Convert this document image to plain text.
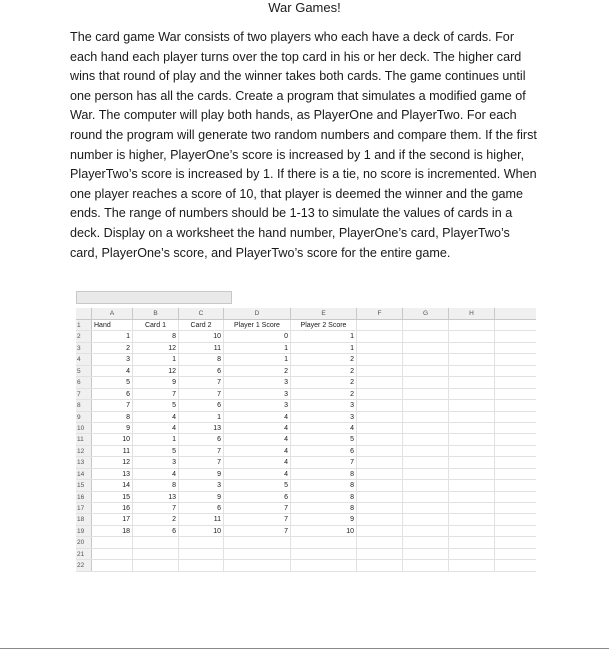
War Games!

The card game War consists of two players who each have a deck of cards. For each hand each player turns over the top card in his or her deck. The higher card wins that round of play and the winner takes both cards. The game continues until one person has all the cards. Create a program that simulates a modified game of War. The computer will play both hands, as PlayerOne and PlayerTwo. For each round the program will generate two random numbers and compare them. If the first number is higher, PlayerOne’s score is increased by 1 and if the second is higher, PlayerTwo’s score is increased by 1. If there is a tie, no score is incremented. When one player reaches a score of 10, that player is deemed the winner and the game ends. The range of numbers should be 1-13 to simulate the values of cards in a deck. Display on a worksheet the hand number, PlayerOne’s card, PlayerTwo’s card, PlayerOne’s score, and PlayerTwo’s score for the entire game.

A	B	C	D	E	F	G	H
1	Hand	Card 1	Card 2	Player 1 Score	Player 2 Score
2	1	8	10	0	1
3	2	12	11	1	1
4	3	1	8	1	2
5	4	12	6	2	2
6	5	9	7	3	2
7	6	7	7	3	2
8	7	5	6	3	3
9	8	4	1	4	3
10	9	4	13	4	4
11	10	1	6	4	5
12	11	5	7	4	6
13	12	3	7	4	7
14	13	4	9	4	8
15	14	8	3	5	8
16	15	13	9	6	8
17	16	7	6	7	8
18	17	2	11	7	9
19	18	6	10	7	10
20
21
22
